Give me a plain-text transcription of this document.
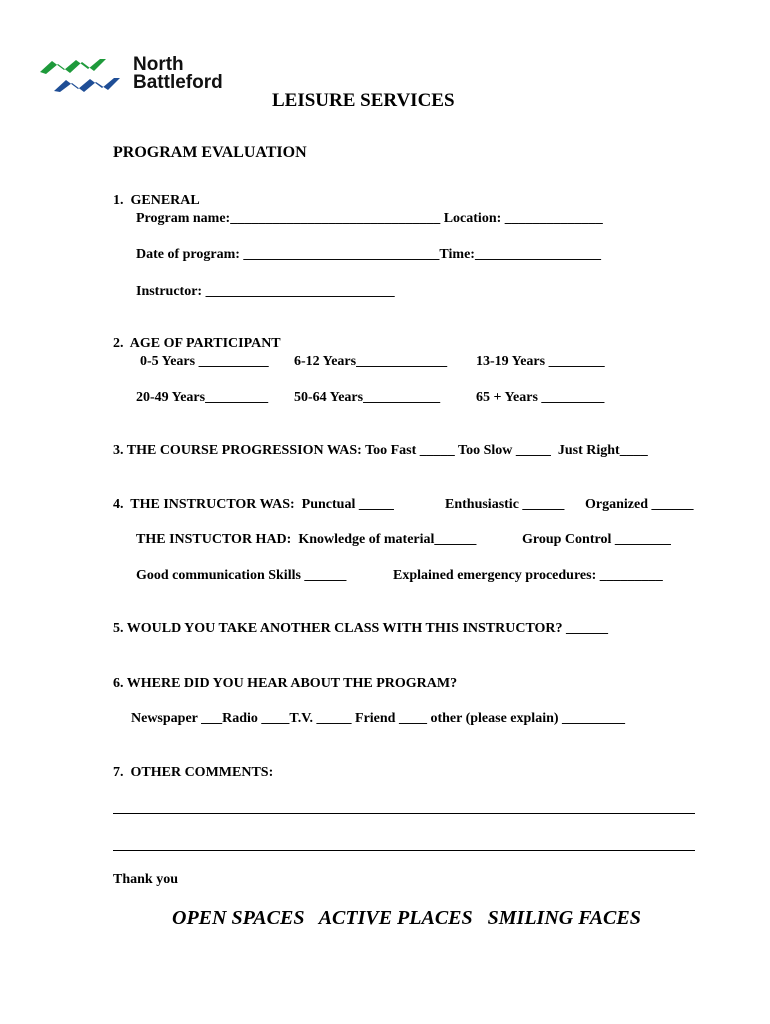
North
Battleford
LEISURE SERVICES
PROGRAM EVALUATION
1.  GENERAL
Program name:______________________________ Location: ______________
Date of program: ____________________________Time:__________________
Instructor: ___________________________
2.  AGE OF PARTICIPANT
0-5 Years __________ 6-12 Years_____________ 13-19 Years ________
20-49 Years_________ 50-64 Years___________	65 + Years _________
3. THE COURSE PROGRESSION WAS: Too Fast _____ Too Slow _____  Just Right____
4.  THE INSTRUCTOR WAS:  Punctual _____	Enthusiastic ______ Organized ______
THE INSTUCTOR HAD:  Knowledge of material______	Group Control ________
Good communication Skills ______	Explained emergency procedures: _________
5. WOULD YOU TAKE ANOTHER CLASS WITH THIS INSTRUCTOR? ______
6. WHERE DID YOU HEAR ABOUT THE PROGRAM?
Newspaper ___Radio ____T.V. _____ Friend ____ other (please explain) _________
7.  OTHER COMMENTS:
Thank you
OPEN SPACES   ACTIVE PLACES   SMILING FACES
